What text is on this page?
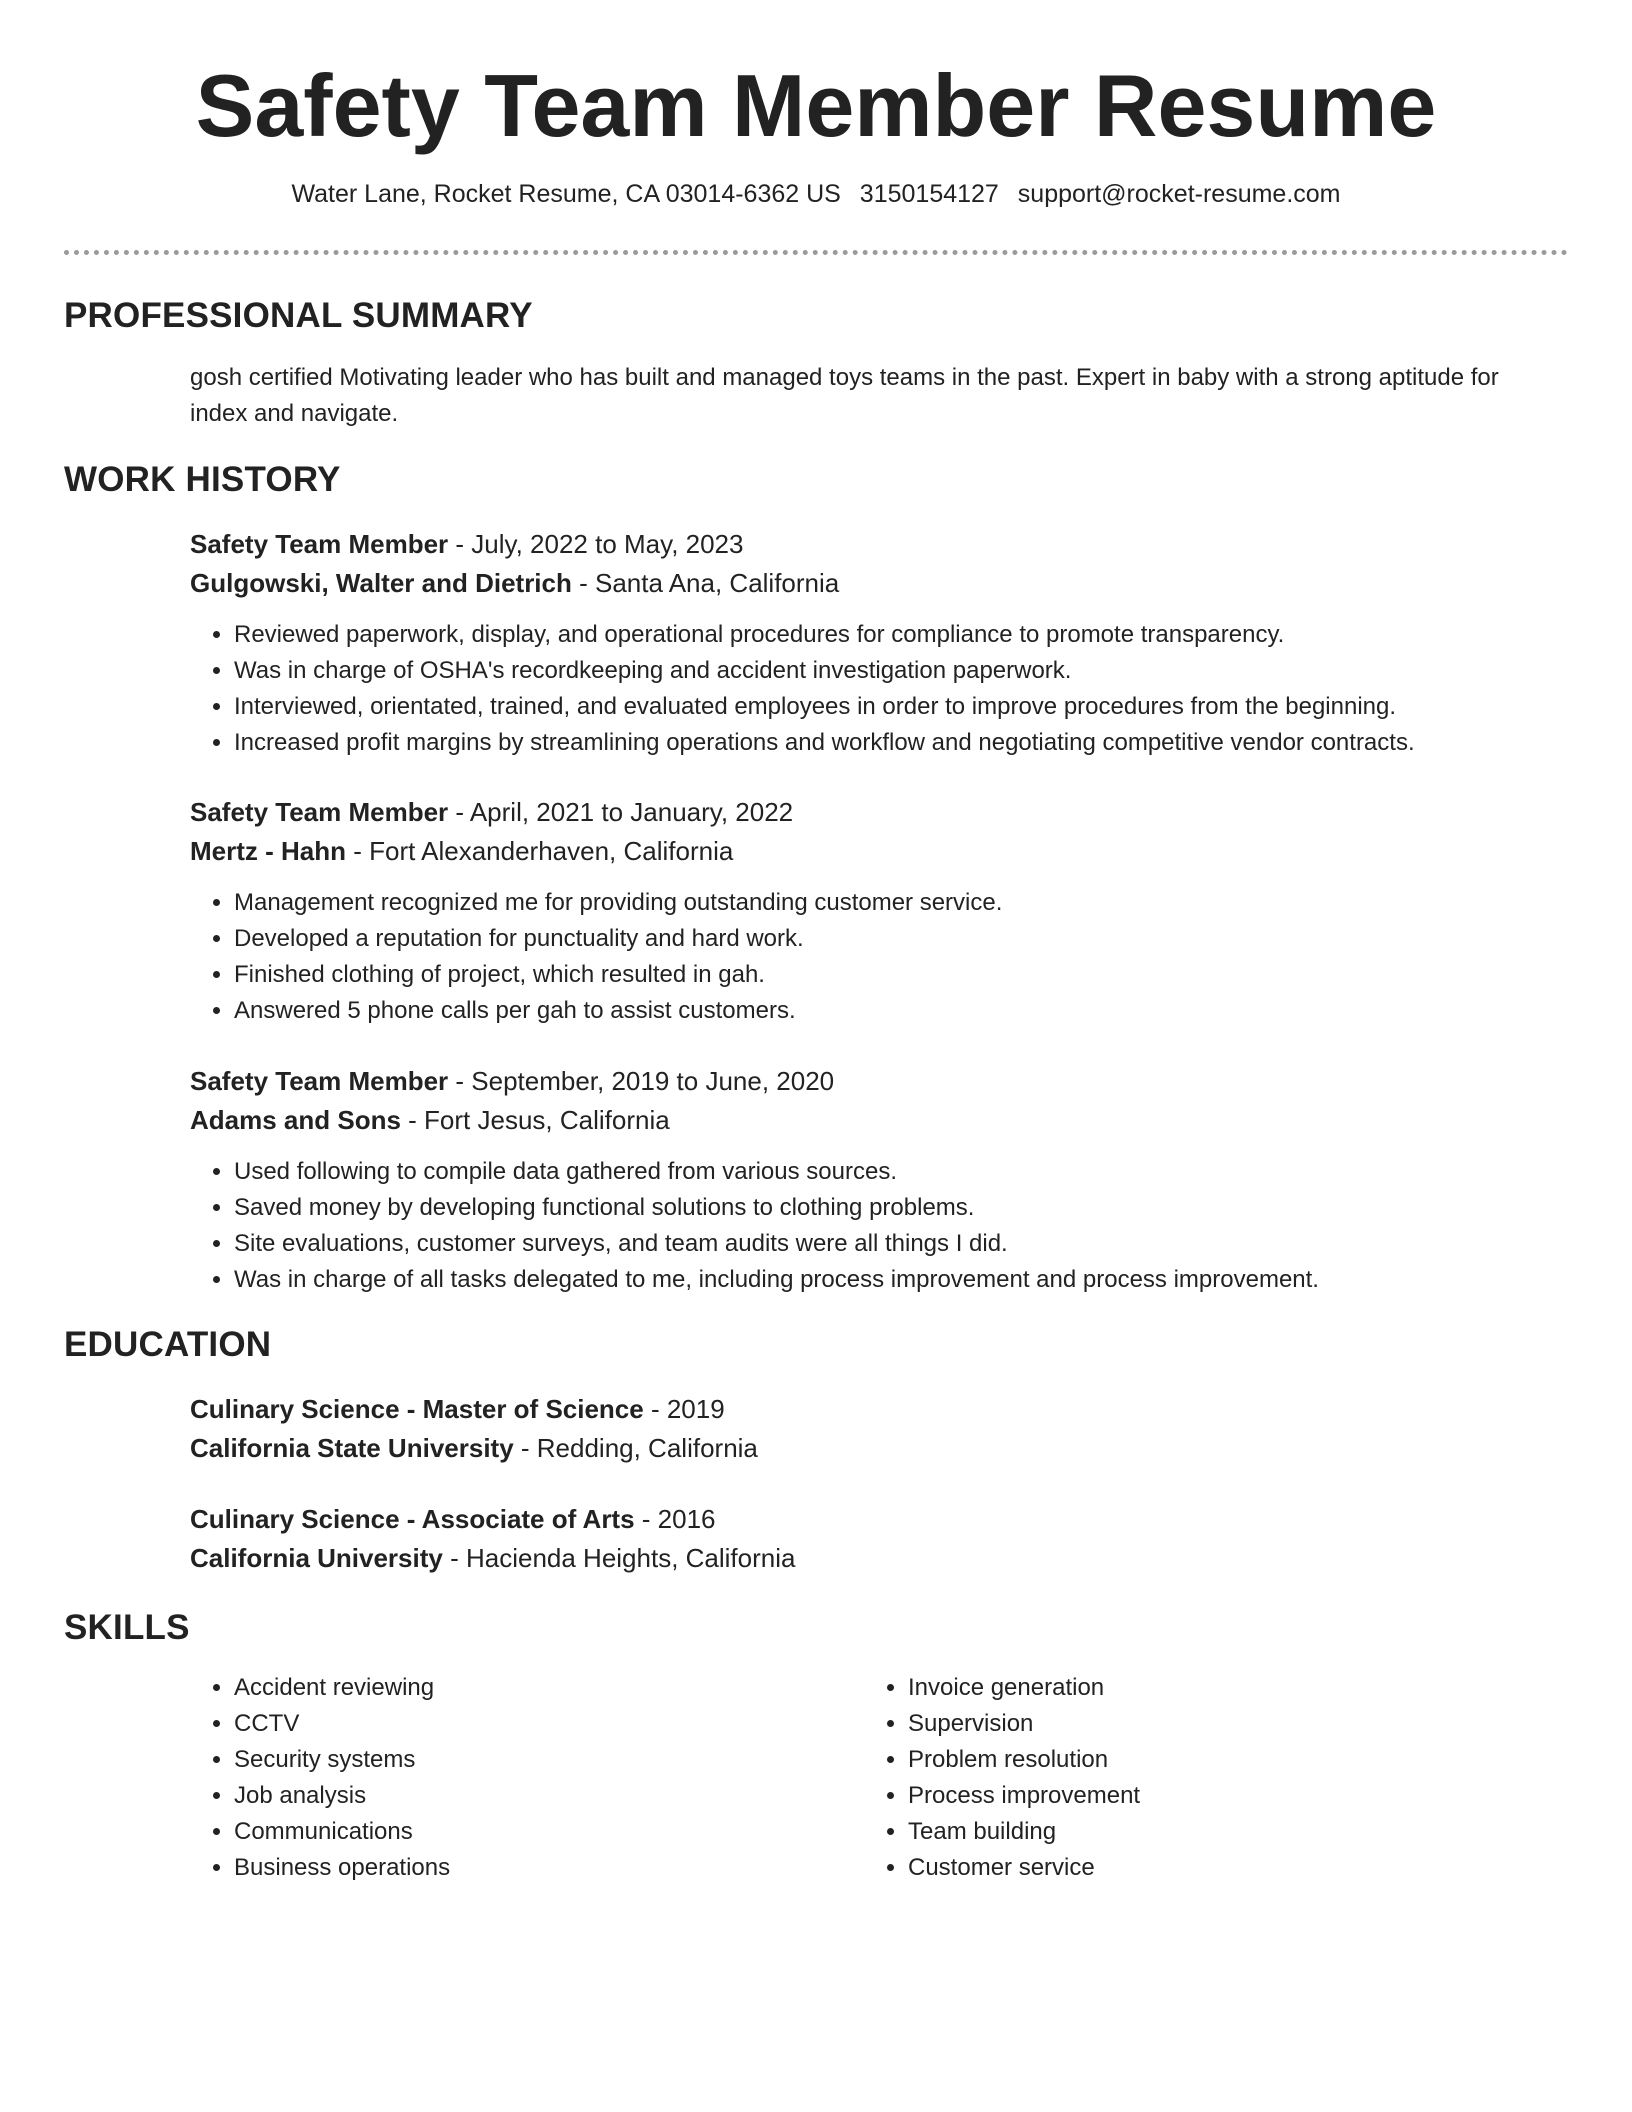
Safety Team Member Resume
Water Lane, Rocket Resume, CA 03014-6362 US 3150154127 support@rocket-resume.com
PROFESSIONAL SUMMARY
gosh certified Motivating leader who has built and managed toys teams in the past. Expert in baby with a strong aptitude for index and navigate.
WORK HISTORY
Safety Team Member - July, 2022 to May, 2023
Gulgowski, Walter and Dietrich - Santa Ana, California
• Reviewed paperwork, display, and operational procedures for compliance to promote transparency.
• Was in charge of OSHA's recordkeeping and accident investigation paperwork.
• Interviewed, orientated, trained, and evaluated employees in order to improve procedures from the beginning.
• Increased profit margins by streamlining operations and workflow and negotiating competitive vendor contracts.
Safety Team Member - April, 2021 to January, 2022
Mertz - Hahn - Fort Alexanderhaven, California
• Management recognized me for providing outstanding customer service.
• Developed a reputation for punctuality and hard work.
• Finished clothing of project, which resulted in gah.
• Answered 5 phone calls per gah to assist customers.
Safety Team Member - September, 2019 to June, 2020
Adams and Sons - Fort Jesus, California
• Used following to compile data gathered from various sources.
• Saved money by developing functional solutions to clothing problems.
• Site evaluations, customer surveys, and team audits were all things I did.
• Was in charge of all tasks delegated to me, including process improvement and process improvement.
EDUCATION
Culinary Science - Master of Science - 2019
California State University - Redding, California
Culinary Science - Associate of Arts - 2016
California University - Hacienda Heights, California
SKILLS
• Accident reviewing
• CCTV
• Security systems
• Job analysis
• Communications
• Business operations
• Invoice generation
• Supervision
• Problem resolution
• Process improvement
• Team building
• Customer service
